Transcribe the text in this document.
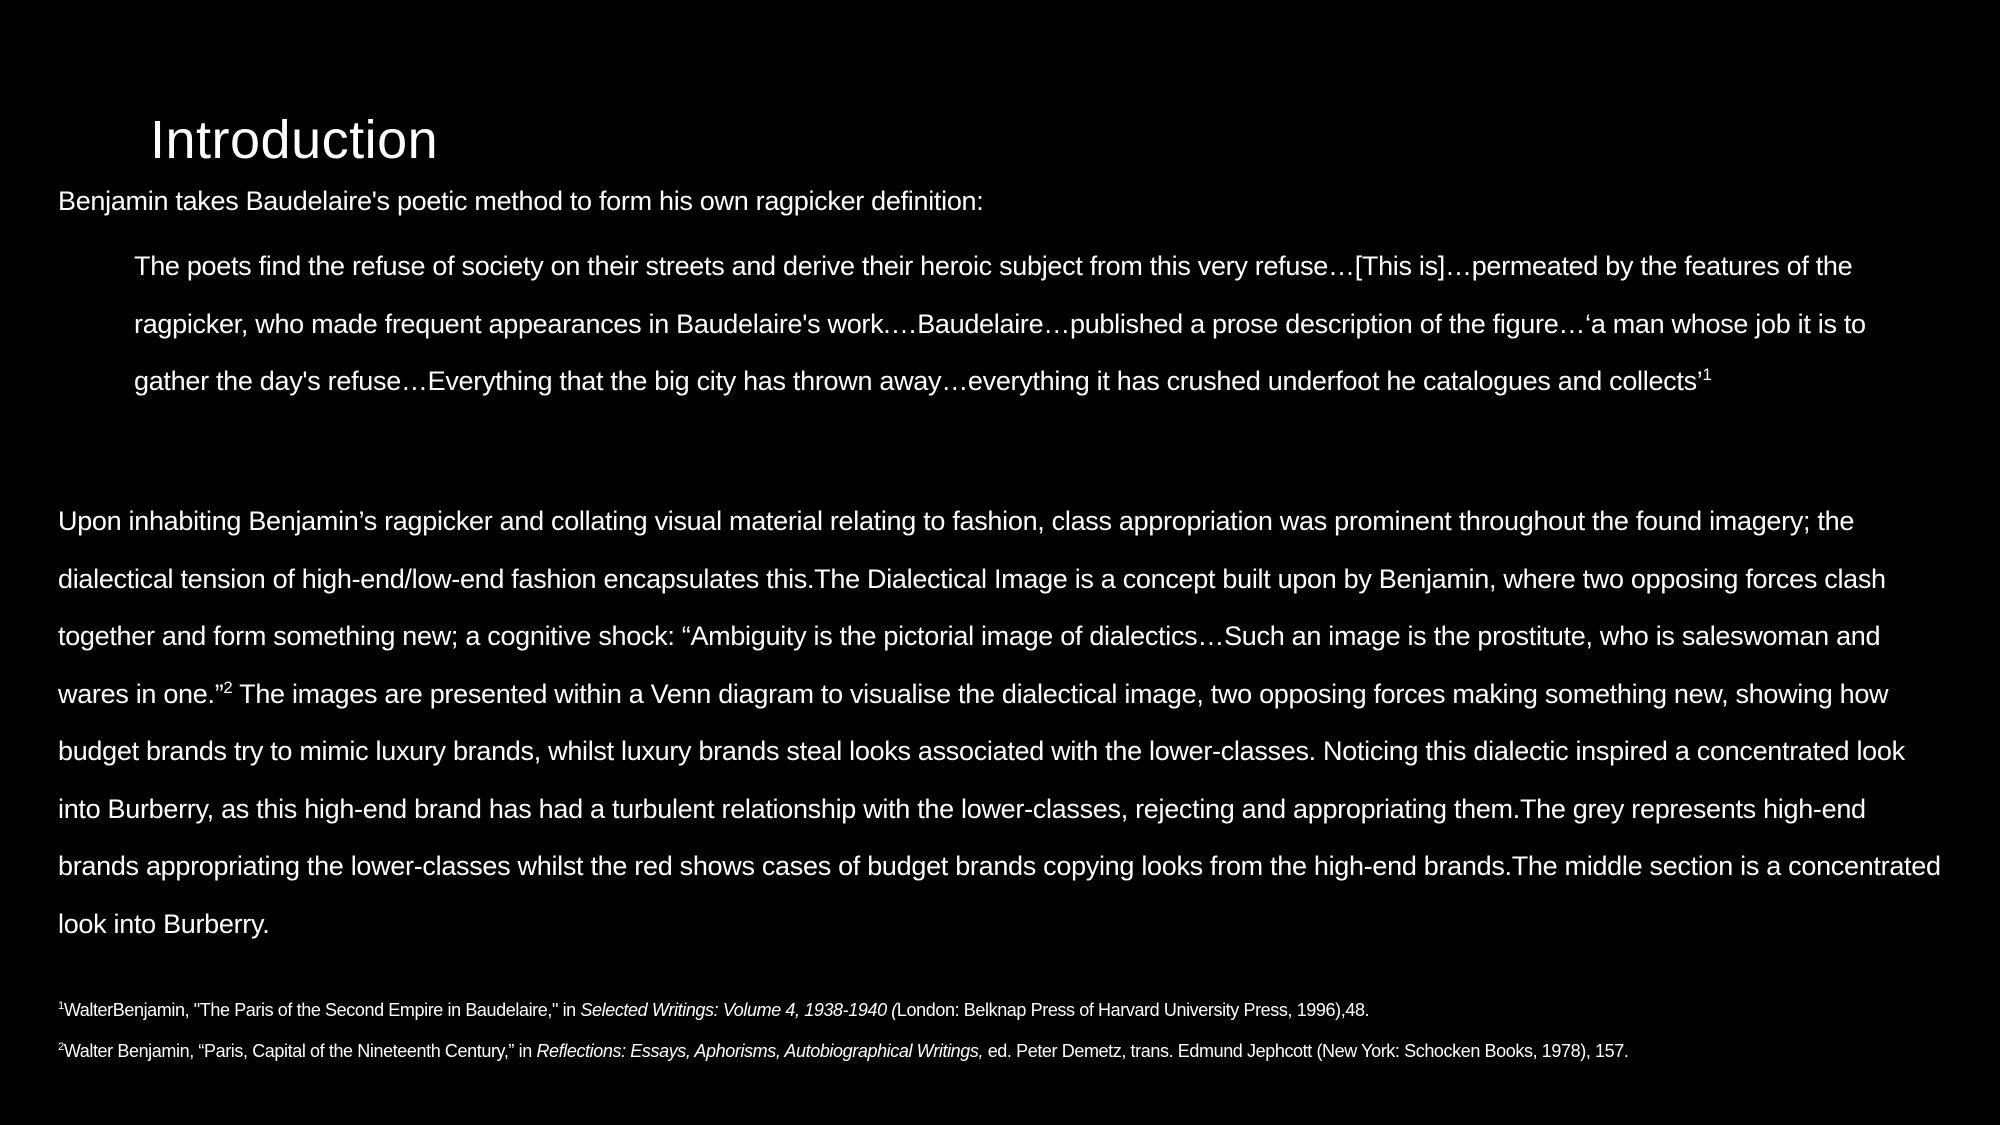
Introduction
Benjamin takes Baudelaire's poetic method to form his own ragpicker definition:
The poets find the refuse of society on their streets and derive their heroic subject from this very refuse…[This is]…permeated by the features of the ragpicker, who made frequent appearances in Baudelaire's work.…Baudelaire…published a prose description of the figure…‘a man whose job it is to gather the day's refuse…Everything that the big city has thrown away…everything it has crushed underfoot he catalogues and collects’$^1$
Upon inhabiting Benjamin’s ragpicker and collating visual material relating to fashion, class appropriation was prominent throughout the found imagery; the dialectical tension of high-end/low-end fashion encapsulates this.The Dialectical Image is a concept built upon by Benjamin, where two opposing forces clash together and form something new; a cognitive shock: “Ambiguity is the pictorial image of dialectics…Such an image is the prostitute, who is saleswoman and wares in one.”$^2$ The images are presented within a Venn diagram to visualise the dialectical image, two opposing forces making something new, showing how budget brands try to mimic luxury brands, whilst luxury brands steal looks associated with the lower-classes. Noticing this dialectic inspired a concentrated look into Burberry, as this high-end brand has had a turbulent relationship with the lower-classes, rejecting and appropriating them.The grey represents high-end brands appropriating the lower-classes whilst the red shows cases of budget brands copying looks from the high-end brands.The middle section is a concentrated look into Burberry.
$^1$WalterBenjamin, "The Paris of the Second Empire in Baudelaire," in Selected Writings: Volume 4, 1938-1940 (London: Belknap Press of Harvard University Press, 1996),48.
$^2$Walter Benjamin, “Paris, Capital of the Nineteenth Century,” in Reflections: Essays, Aphorisms, Autobiographical Writings, ed. Peter Demetz, trans. Edmund Jephcott (New York: Schocken Books, 1978), 157.
